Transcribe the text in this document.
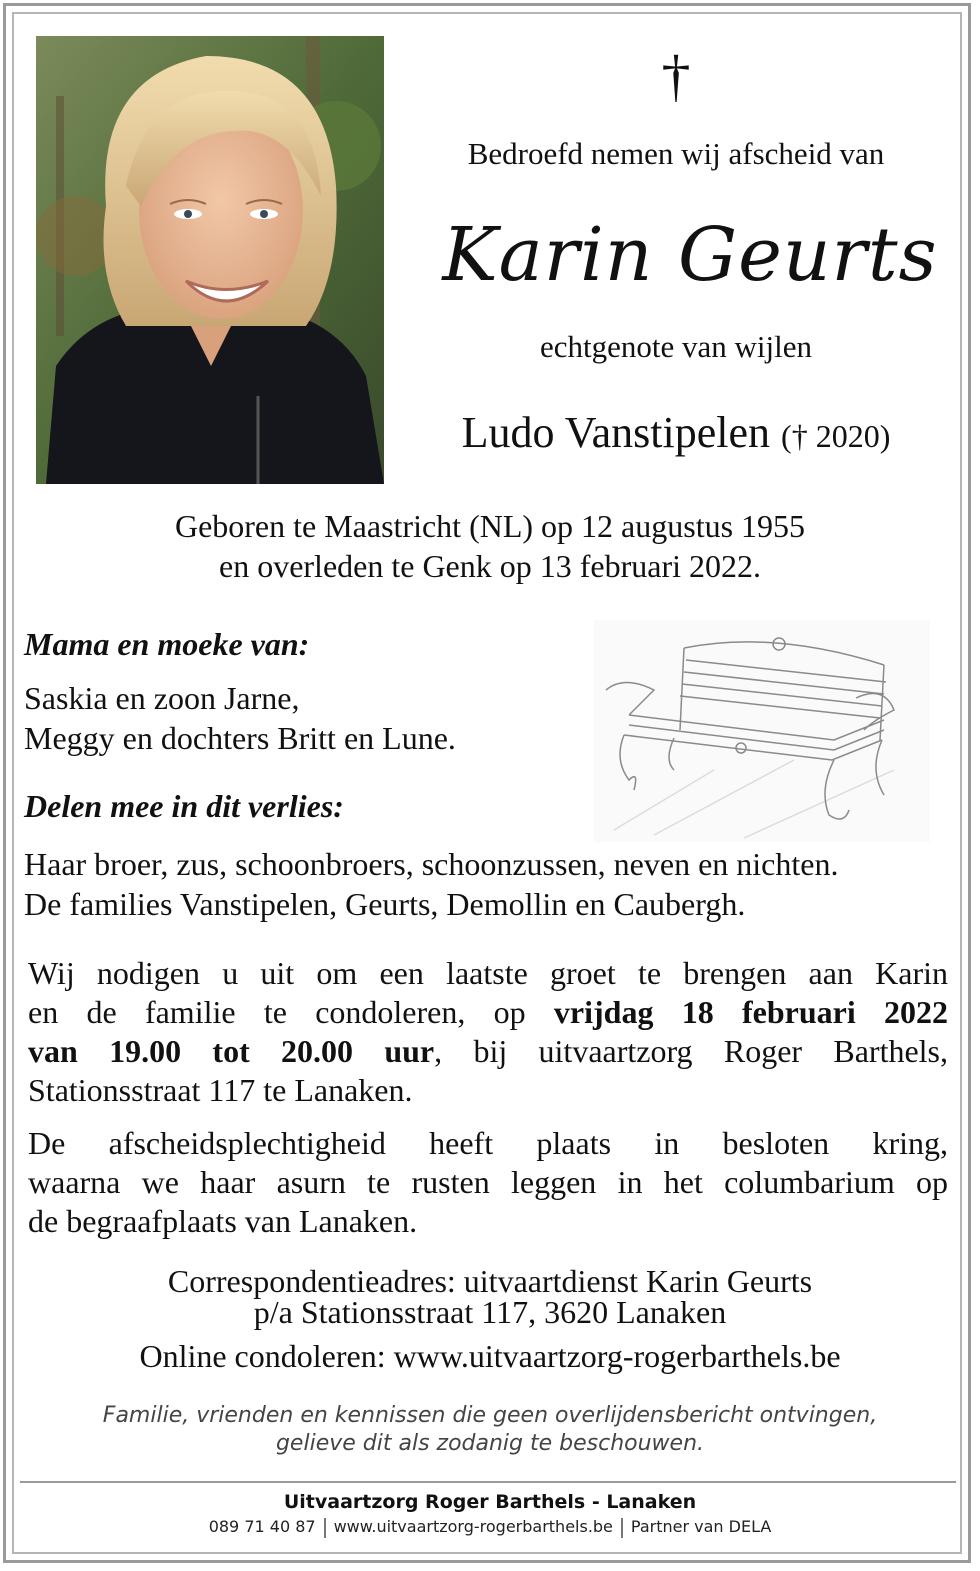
†
Bedroefd nemen wij afscheid van
Karin Geurts
echtgenote van wijlen
Ludo Vanstipelen († 2020)
Geboren te Maastricht (NL) op 12 augustus 1955
en overleden te Genk op 13 februari 2022.
Mama en moeke van:
Saskia en zoon Jarne,
Meggy en dochters Britt en Lune.
Delen mee in dit verlies:
Haar broer, zus, schoonbroers, schoonzussen, neven en nichten.
De families Vanstipelen, Geurts, Demollin en Caubergh.
Wij nodigen u uit om een laatste groet te brengen aan Karin
en de familie te condoleren, op vrijdag 18 februari 2022
van 19.00 tot 20.00 uur, bij uitvaartzorg Roger Barthels,
Stationsstraat 117 te Lanaken.
De afscheidsplechtigheid heeft plaats in besloten kring,
waarna we haar asurn te rusten leggen in het columbarium op
de begraafplaats van Lanaken.
Correspondentieadres: uitvaartdienst Karin Geurts
p/a Stationsstraat 117, 3620 Lanaken
Online condoleren: www.uitvaartzorg-rogerbarthels.be
Familie, vrienden en kennissen die geen overlijdensbericht ontvingen,
gelieve dit als zodanig te beschouwen.
Uitvaartzorg Roger Barthels - Lanaken
089 71 40 87 www.uitvaartzorg-rogerbarthels.be Partner van DELA
